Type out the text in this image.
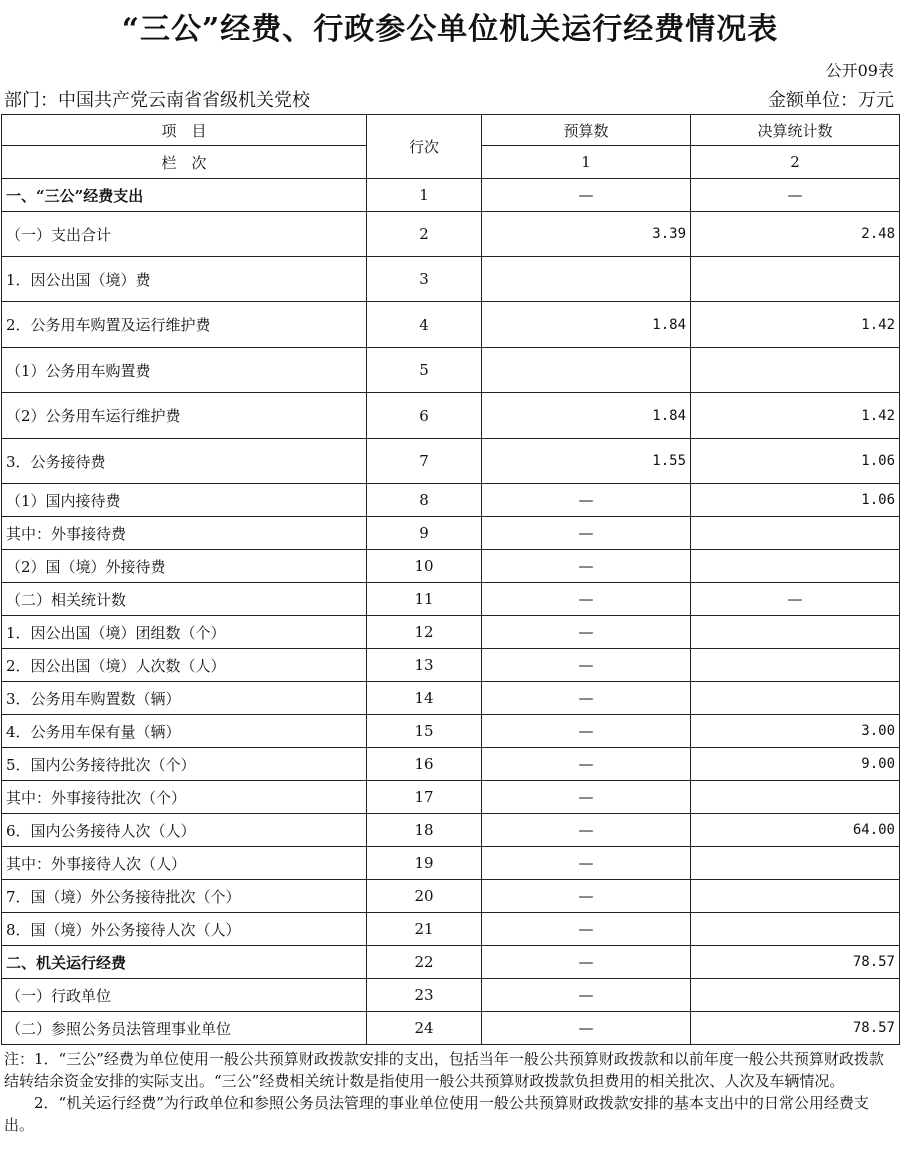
“三公”经费、行政参公单位机关运行经费情况表
公开09表
部门：中国共产党云南省省级机关党校	金额单位：万元
项　目	行次	预算数	决算统计数
栏　次		1	2
一、“三公”经费支出	1	—	—
（一）支出合计	2	3.39	2.48
1．因公出国（境）费	3		
2．公务用车购置及运行维护费	4	1.84	1.42
（1）公务用车购置费	5		
（2）公务用车运行维护费	6	1.84	1.42
3．公务接待费	7	1.55	1.06
（1）国内接待费	8	—	1.06
其中：外事接待费	9	—	
（2）国（境）外接待费	10	—	
（二）相关统计数	11	—	—
1．因公出国（境）团组数（个）	12	—	
2．因公出国（境）人次数（人）	13	—	
3．公务用车购置数（辆）	14	—	
4．公务用车保有量（辆）	15	—	3.00
5．国内公务接待批次（个）	16	—	9.00
其中：外事接待批次（个）	17	—	
6．国内公务接待人次（人）	18	—	64.00
其中：外事接待人次（人）	19	—	
7．国（境）外公务接待批次（个）	20	—	
8．国（境）外公务接待人次（人）	21	—	
二、机关运行经费	22	—	78.57
（一）行政单位	23	—	
（二）参照公务员法管理事业单位	24	—	78.57

注：1．“三公”经费为单位使用一般公共预算财政拨款安排的支出，包括当年一般公共预算财政拨款和以前年度一般公共预算财政拨款结转结余资金安排的实际支出。“三公”经费相关统计数是指使用一般公共预算财政拨款负担费用的相关批次、人次及车辆情况。

2．“机关运行经费”为行政单位和参照公务员法管理的事业单位使用一般公共预算财政拨款安排的基本支出中的日常公用经费支出。
